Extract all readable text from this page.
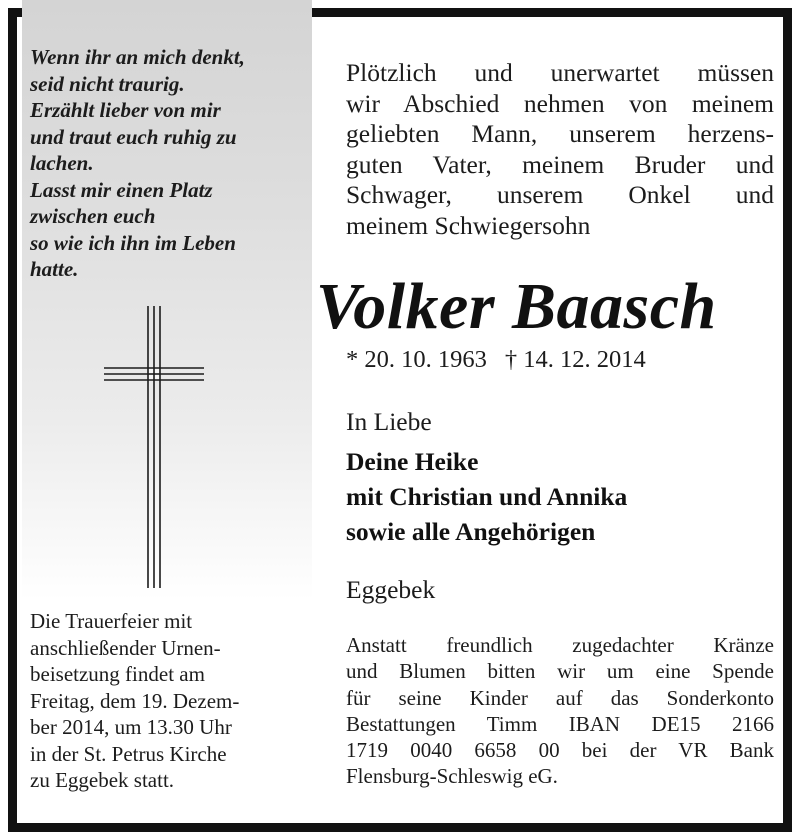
Wenn ihr an mich denkt,
seid nicht traurig.
Erzählt lieber von mir
und traut euch ruhig zu
lachen.
Lasst mir einen Platz
zwischen euch
so wie ich ihn im Leben
hatte.
Die Trauerfeier mit
anschließender Urnen-
beisetzung findet am
Freitag, dem 19. Dezem-
ber 2014, um 13.30 Uhr
in der St. Petrus Kirche
zu Eggebek statt.
Plötzlich und unerwartet müssen
wir Abschied nehmen von meinem
geliebten Mann, unserem herzens-
guten Vater, meinem Bruder und
Schwager, unserem Onkel und
meinem Schwiegersohn
Volker Baasch
* 20. 10. 1963 † 14. 12. 2014
In Liebe
Deine Heike
mit Christian und Annika
sowie alle Angehörigen
Eggebek
Anstatt freundlich zugedachter Kränze
und Blumen bitten wir um eine Spende
für seine Kinder auf das Sonderkonto
Bestattungen Timm IBAN DE15 2166
1719 0040 6658 00 bei der VR Bank
Flensburg-Schleswig eG.
